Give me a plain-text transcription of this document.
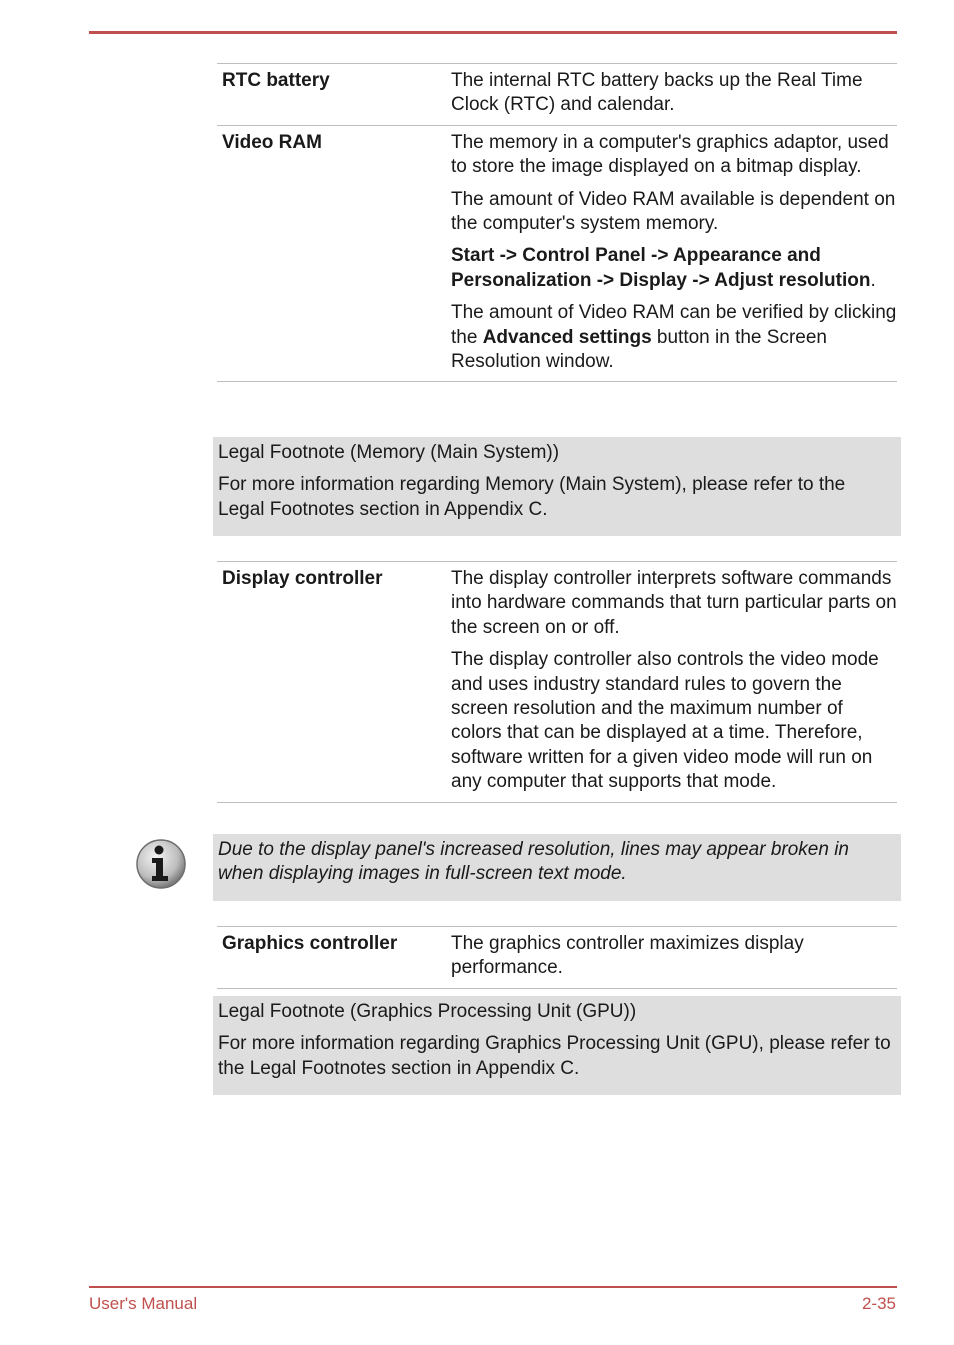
RTC battery	The internal RTC battery backs up the Real Time Clock (RTC) and calendar.

Video RAM	The memory in a computer's graphics adaptor, used to store the image displayed on a bitmap display.

The amount of Video RAM available is dependent on the computer's system memory.

Start -> Control Panel -> Appearance and Personalization -> Display -> Adjust resolution.

The amount of Video RAM can be verified by clicking the Advanced settings button in the Screen Resolution window.

Legal Footnote (Memory (Main System))

For more information regarding Memory (Main System), please refer to the Legal Footnotes section in Appendix C.

Display controller	The display controller interprets software commands into hardware commands that turn particular parts on the screen on or off.

The display controller also controls the video mode and uses industry standard rules to govern the screen resolution and the maximum number of colors that can be displayed at a time. Therefore, software written for a given video mode will run on any computer that supports that mode.

Due to the display panel's increased resolution, lines may appear broken in when displaying images in full-screen text mode.

Graphics controller	The graphics controller maximizes display performance.

Legal Footnote (Graphics Processing Unit (GPU))

For more information regarding Graphics Processing Unit (GPU), please refer to the Legal Footnotes section in Appendix C.

User's Manual	2-35
